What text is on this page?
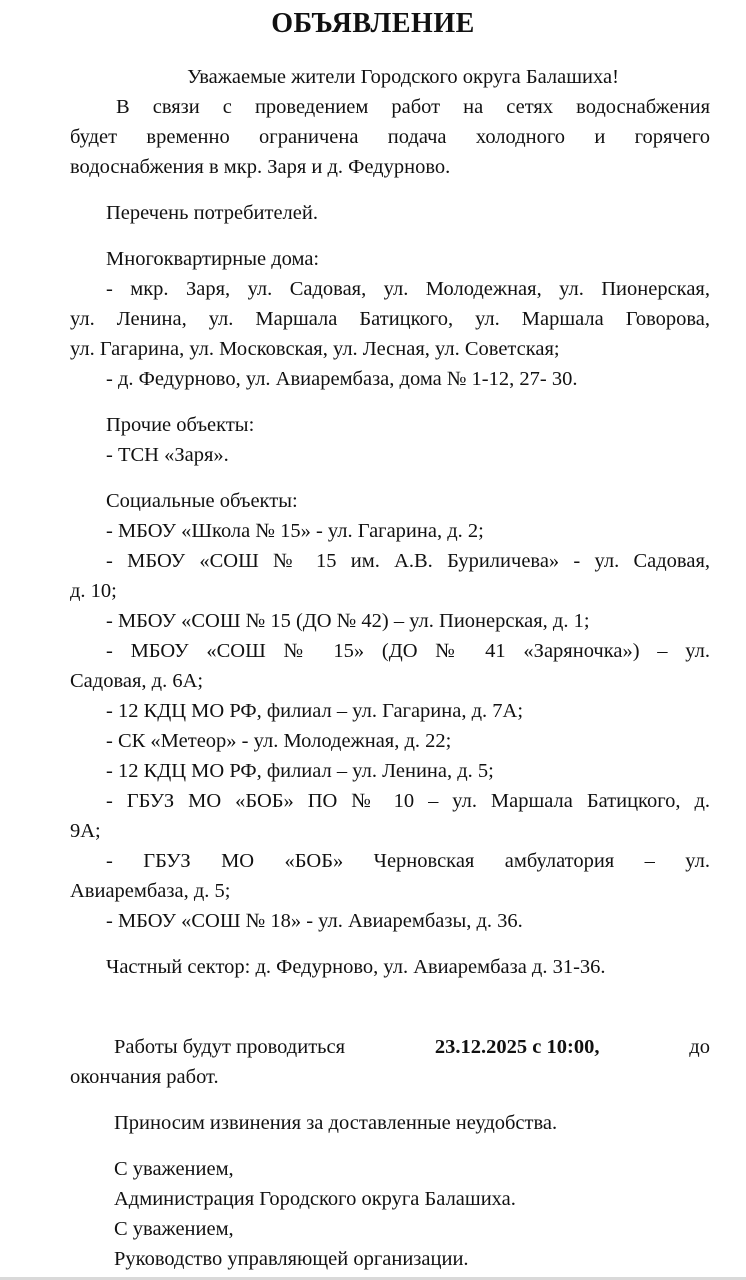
ОБЪЯВЛЕНИЕ
Уважаемые жители Городского округа Балашиха!
В связи с проведением работ на сетях водоснабжения
будет временно ограничена подача холодного и горячего
водоснабжения в мкр. Заря и д. Федурново.
Перечень потребителей.
Многоквартирные дома:
- мкр. Заря, ул. Садовая, ул. Молодежная, ул. Пионерская,
ул. Ленина, ул. Маршала Батицкого, ул. Маршала Говорова,
ул. Гагарина, ул. Московская, ул. Лесная, ул. Советская;
- д. Федурново, ул. Авиарембаза, дома № 1-12, 27- 30.
Прочие объекты:
- ТСН «Заря».
Социальные объекты:
- МБОУ «Школа № 15» - ул. Гагарина, д. 2;
- МБОУ «СОШ № 15 им. А.В. Буриличева» - ул. Садовая,
д. 10;
- МБОУ «СОШ № 15 (ДО № 42) – ул. Пионерская, д. 1;
- МБОУ «СОШ № 15» (ДО № 41 «Заряночка») – ул.
Садовая, д. 6А;
- 12 КДЦ МО РФ, филиал – ул. Гагарина, д. 7А;
- СК «Метеор» - ул. Молодежная, д. 22;
- 12 КДЦ МО РФ, филиал – ул. Ленина, д. 5;
- ГБУЗ МО «БОБ» ПО № 10 – ул. Маршала Батицкого, д.
9А;
- ГБУЗ МО «БОБ» Черновская амбулатория – ул.
Авиарембаза, д. 5;
- МБОУ «СОШ № 18» - ул. Авиарембазы, д. 36.
Частный сектор: д. Федурново, ул. Авиарембаза д. 31-36.
Работы будут проводиться	23.12.2025 с 10:00,	до
окончания работ.
Приносим извинения за доставленные неудобства.
С уважением,
Администрация Городского округа Балашиха.
С уважением,
Руководство управляющей организации.
